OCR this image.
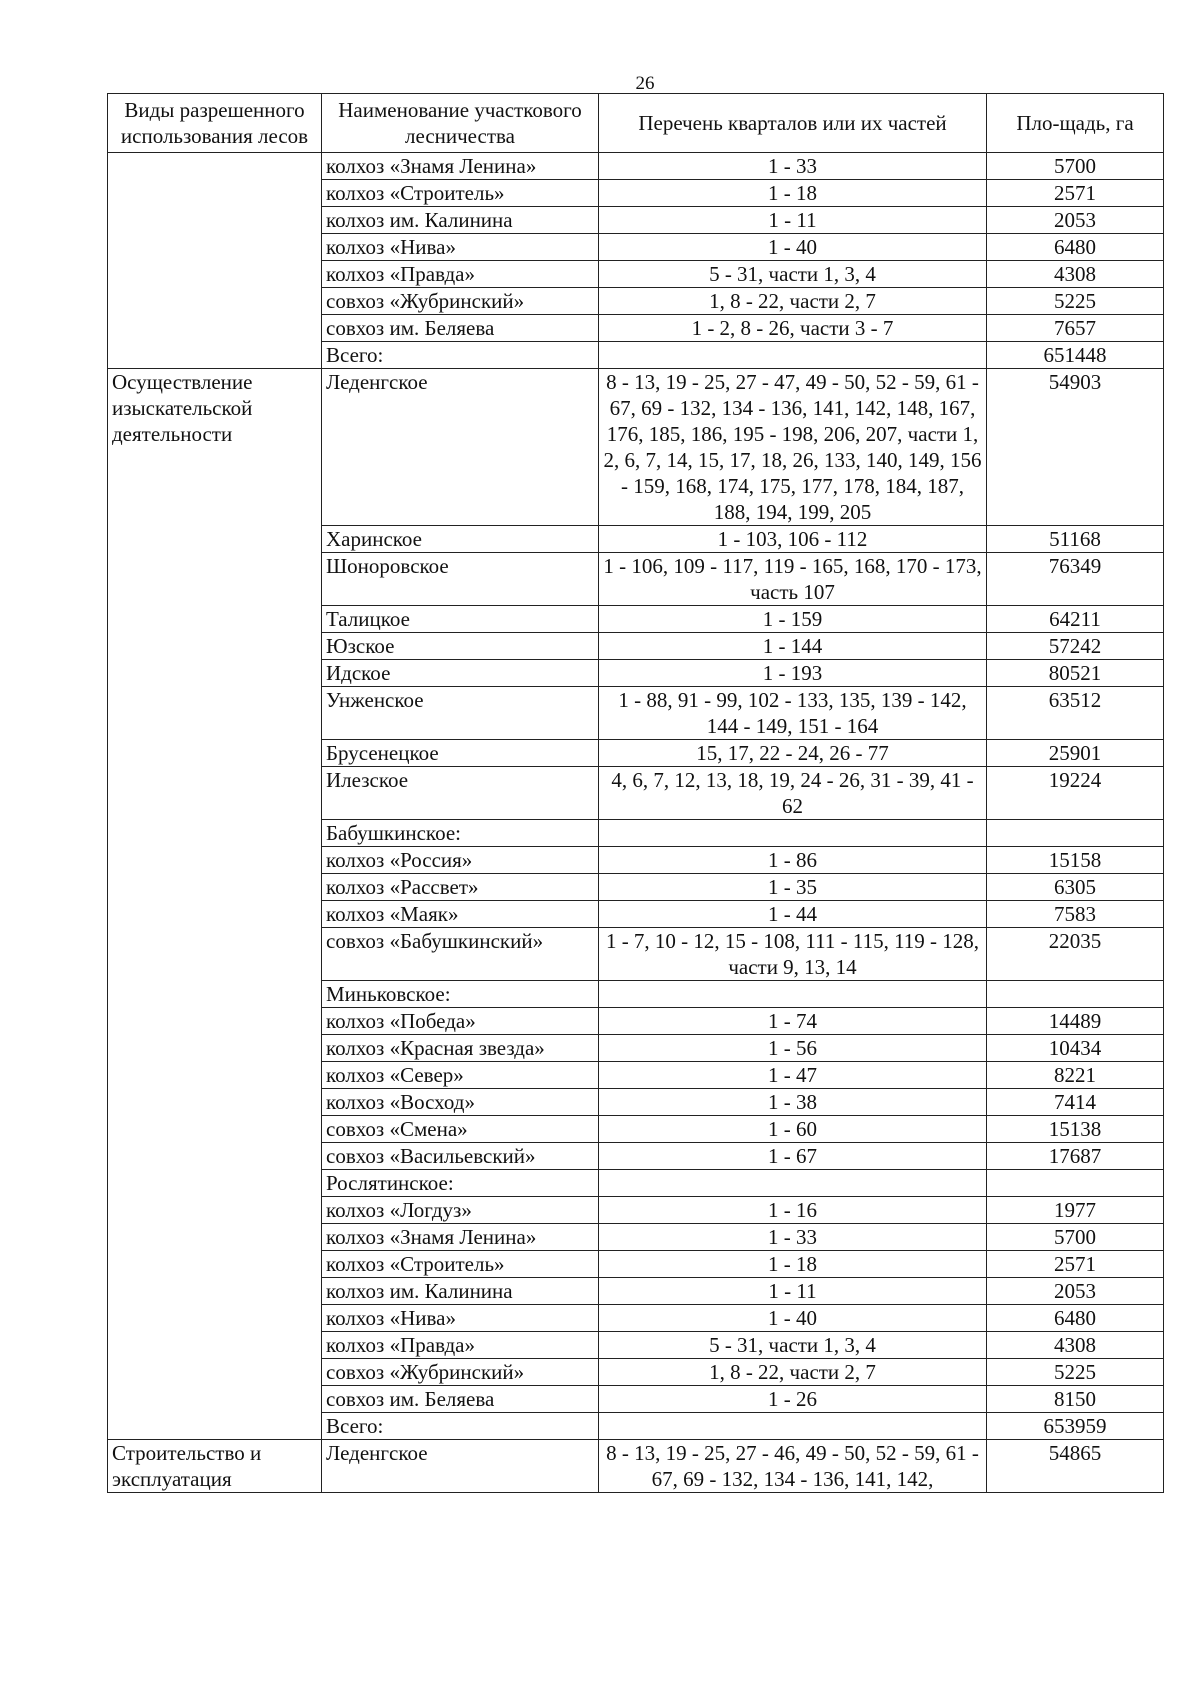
26
Виды разрешенного использования лесов	Наименование участкового лесничества	Перечень кварталов или их частей	Пло-щадь, га
	колхоз «Знамя Ленина»	1 - 33	5700
	колхоз «Строитель»	1 - 18	2571
	колхоз им. Калинина	1 - 11	2053
	колхоз «Нива»	1 - 40	6480
	колхоз «Правда»	5 - 31, части 1, 3, 4	4308
	совхоз «Жубринский»	1, 8 - 22, части 2, 7	5225
	совхоз им. Беляева	1 - 2, 8 - 26, части 3 - 7	7657
	Всего:		651448
Осуществление изыскательской деятельности	Леденгское	8 - 13, 19 - 25, 27 - 47, 49 - 50, 52 - 59, 61 - 67, 69 - 132, 134 - 136, 141, 142, 148, 167, 176, 185, 186, 195 - 198, 206, 207, части 1, 2, 6, 7, 14, 15, 17, 18, 26, 133, 140, 149, 156 - 159, 168, 174, 175, 177, 178, 184, 187, 188, 194, 199, 205	54903
	Харинское	1 - 103, 106 - 112	51168
	Шоноровское	1 - 106, 109 - 117, 119 - 165, 168, 170 - 173, часть 107	76349
	Талицкое	1 - 159	64211
	Юзское	1 - 144	57242
	Идское	1 - 193	80521
	Унженское	1 - 88, 91 - 99, 102 - 133, 135, 139 - 142, 144 - 149, 151 - 164	63512
	Брусенецкое	15, 17, 22 - 24, 26 - 77	25901
	Илезское	4, 6, 7, 12, 13, 18, 19, 24 - 26, 31 - 39, 41 - 62	19224
	Бабушкинское:		
	колхоз «Россия»	1 - 86	15158
	колхоз «Рассвет»	1 - 35	6305
	колхоз «Маяк»	1 - 44	7583
	совхоз «Бабушкинский»	1 - 7, 10 - 12, 15 - 108, 111 - 115, 119 - 128, части 9, 13, 14	22035
	Миньковское:		
	колхоз «Победа»	1 - 74	14489
	колхоз «Красная звезда»	1 - 56	10434
	колхоз «Север»	1 - 47	8221
	колхоз «Восход»	1 - 38	7414
	совхоз «Смена»	1 - 60	15138
	совхоз «Васильевский»	1 - 67	17687
	Рослятинское:		
	колхоз «Логдуз»	1 - 16	1977
	колхоз «Знамя Ленина»	1 - 33	5700
	колхоз «Строитель»	1 - 18	2571
	колхоз им. Калинина	1 - 11	2053
	колхоз «Нива»	1 - 40	6480
	колхоз «Правда»	5 - 31, части 1, 3, 4	4308
	совхоз «Жубринский»	1, 8 - 22, части 2, 7	5225
	совхоз им. Беляева	1 - 26	8150
	Всего:		653959
Строительство и эксплуатация	Леденгское	8 - 13, 19 - 25, 27 - 46, 49 - 50, 52 - 59, 61 - 67, 69 - 132, 134 - 136, 141, 142,	54865
